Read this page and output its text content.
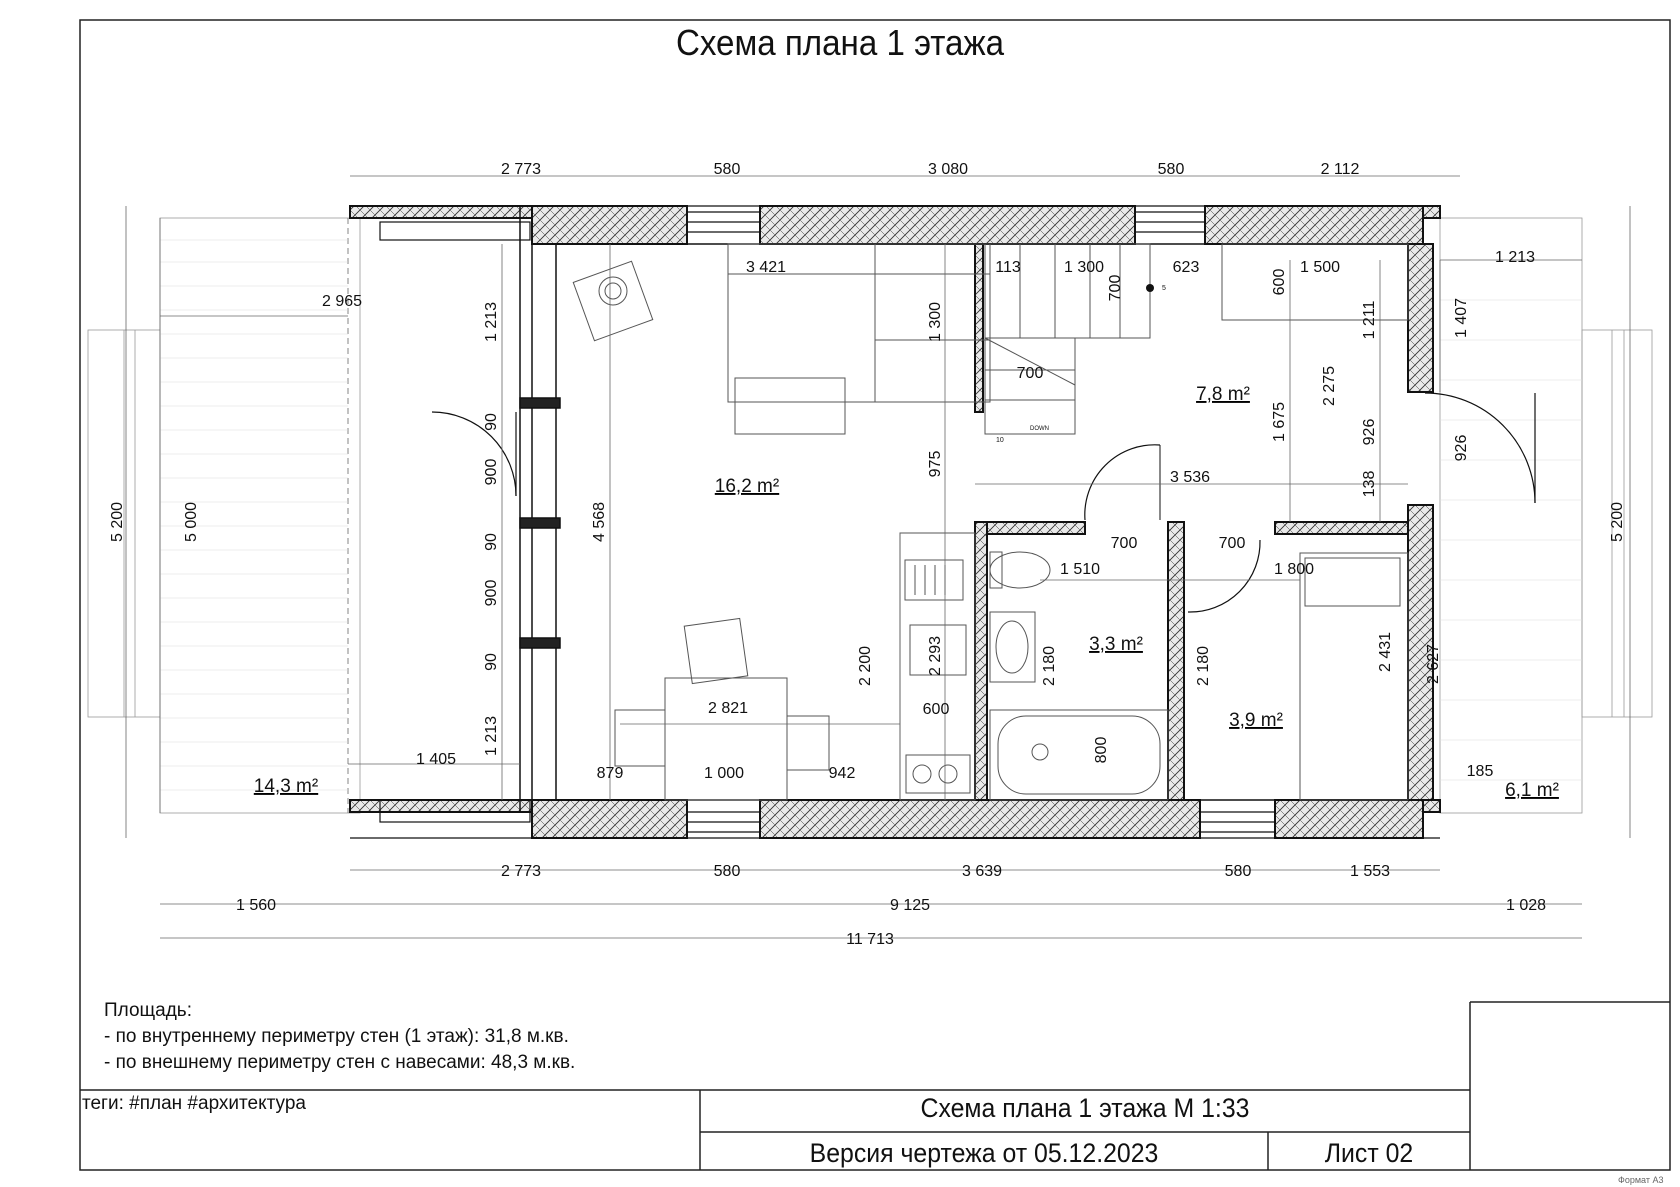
2 773	580	3 080	580	2 112
2 773	580	3 639	580	1 553
1 560	9 125	1 028
11 713
5 200	5 000	5 200
2 965
1 405
1 213
90
900
90
900
90
1 213
4 568
3 421
1 300
113	1 300	623
700
700
1 500
600
1 211
2 275
1 675	926
138
3 536
975
1 213
1 407
926
2 627
185
2 200	2 293
600
2 821
879	1 000	942
700
1 510
2 180
800
700
1 800
2 180	2 431
5
10
DOWN
14,3 m²
16,2 m²
7,8 m²
3,3 m²
3,9 m²
6,1 m²
Схема плана 1 этажа
Площадь:
- по внутреннему периметру стен (1 этаж): 31,8 м.кв.
- по внешнему периметру стен с навесами: 48,3 м.кв.
теги: #план #архитектура	Схема плана 1 этажа М 1:33
Версия чертежа от 05.12.2023	Лист 02
Формат А3
